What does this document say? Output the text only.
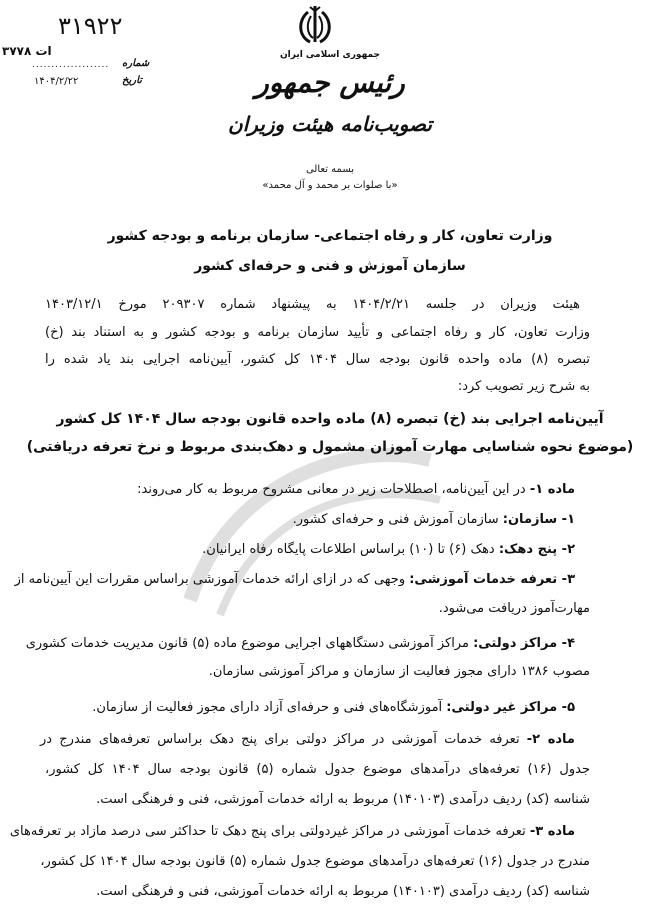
جمهوری اسلامی ایران
رئیس جمهور
تصویب‌نامه هیئت وزیران
۳۱۹۲۲
ات ۳۷۷۸
.................... شماره
۱۴۰۴/۲/۲۲	تاریخ
بسمه تعالی
«با صلوات بر محمد و آل محمد»
وزارت تعاون، کار و رفاه اجتماعی- سازمان برنامه و بودجه کشور
سازمان آموزش و فنی و حرفه‌ای کشور
هیئت وزیران در جلسه ۱۴۰۴/۲/۲۱ به پیشنهاد شماره ۲۰۹۳۰۷ مورخ ۱۴۰۳/۱۲/۱
وزارت تعاون، کار و رفاه اجتماعی و تأیید سازمان برنامه و بودجه کشور و به استناد بند (خ)
تبصره (۸) ماده واحده قانون بودجه سال ۱۴۰۴ کل کشور، آیین‌نامه اجرایی بند یاد شده را
به شرح زیر تصویب کرد:
آیین‌نامه اجرایی بند (خ) تبصره (۸) ماده واحده قانون بودجه سال ۱۴۰۴ کل کشور
(موضوع نحوه شناسایی مهارت آموزان مشمول و دهک‌بندی مربوط و نرخ تعرفه دریافتی)
ماده ۱- در این آیین‌نامه، اصطلاحات زیر در معانی مشروح مربوط به کار می‌روند:
۱- سازمان: سازمان آموزش فنی و حرفه‌ای کشور.
۲- پنج دهک: دهک (۶) تا (۱۰) براساس اطلاعات پایگاه رفاه ایرانیان.
۳- تعرفه خدمات آموزشی: وجهی که در ازای ارائه خدمات آموزشی براساس مقررات این آیین‌نامه از
مهارت‌آموز دریافت می‌شود.
۴- مراکز دولتی: مراکز آموزشی دستگاههای اجرایی موضوع ماده (۵) قانون مدیریت خدمات کشوری
مصوب ۱۳۸۶ دارای مجوز فعالیت از سازمان و مراکز آموزشی سازمان.
۵- مراکز غیر دولتی: آموزشگاه‌های فنی و حرفه‌ای آزاد دارای مجوز فعالیت از سازمان.
ماده ۲- تعرفه خدمات آموزشی در مراکز دولتی برای پنج دهک براساس تعرفه‌های مندرج در
جدول (۱۶) تعرفه‌های درآمدهای موضوع جدول شماره (۵) قانون بودجه سال ۱۴۰۴ کل کشور،
شناسه (کد) ردیف درآمدی (۱۴۰۱۰۳) مربوط به ارائه خدمات آموزشی، فنی و فرهنگی است.
ماده ۳- تعرفه خدمات آموزشی در مراکز غیردولتی برای پنج دهک تا حداکثر سی درصد مازاد بر تعرفه‌های
مندرج در جدول (۱۶) تعرفه‌های درآمدهای موضوع جدول شماره (۵) قانون بودجه سال ۱۴۰۴ کل کشور،
شناسه (کد) ردیف درآمدی (۱۴۰۱۰۳) مربوط به ارائه خدمات آموزشی، فنی و فرهنگی است.
